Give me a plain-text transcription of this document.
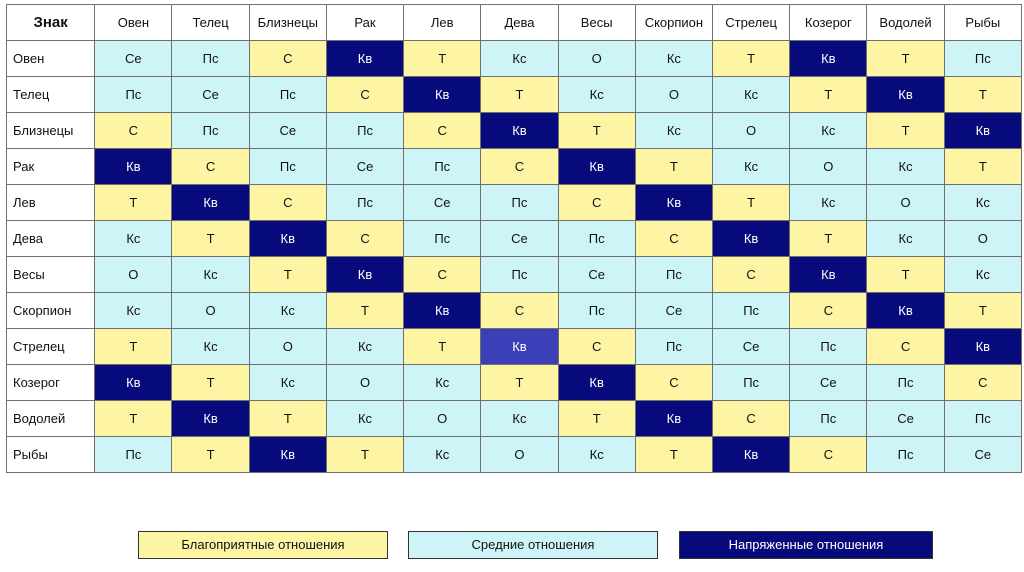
Знак	Овен	Телец	Близнецы	Рак	Лев	Дева	Весы	Скорпион	Стрелец	Козерог	Водолей	Рыбы
Овен	Се	Пс	С	Кв	Т	Кс	О	Кс	Т	Кв	Т	Пс
Телец	Пс	Се	Пс	С	Кв	Т	Кс	О	Кс	Т	Кв	Т
Близнецы	С	Пс	Се	Пс	С	Кв	Т	Кс	О	Кс	Т	Кв
Рак	Кв	С	Пс	Се	Пс	С	Кв	Т	Кс	О	Кс	Т
Лев	Т	Кв	С	Пс	Се	Пс	С	Кв	Т	Кс	О	Кс
Дева	Кс	Т	Кв	С	Пс	Се	Пс	С	Кв	Т	Кс	О
Весы	О	Кс	Т	Кв	С	Пс	Се	Пс	С	Кв	Т	Кс
Скорпион	Кс	О	Кс	Т	Кв	С	Пс	Се	Пс	С	Кв	Т
Стрелец	Т	Кс	О	Кс	Т	Кв	С	Пс	Се	Пс	С	Кв
Козерог	Кв	Т	Кс	О	Кс	Т	Кв	С	Пс	Се	Пс	С
Водолей	Т	Кв	Т	Кс	О	Кс	Т	Кв	С	Пс	Се	Пс
Рыбы	Пс	Т	Кв	Т	Кс	О	Кс	Т	Кв	С	Пс	Се
Благоприятные отношения	Средние отношения	Напряженные отношения
